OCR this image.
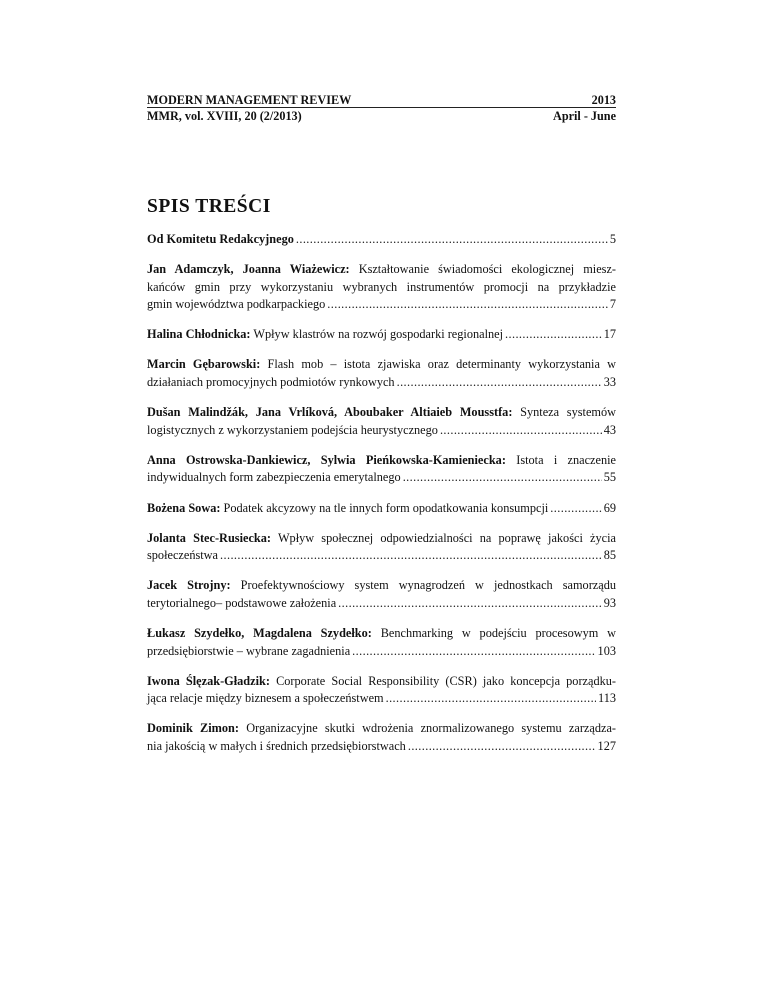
MODERN MANAGEMENT REVIEW	2013
MMR, vol. XVIII, 20 (2/2013)	April - June
SPIS TREŚCI
Od Komitetu Redakcyjnego .....	5
Jan Adamczyk, Joanna Wiażewicz: Kształtowanie świadomości ekologicznej miesz-
kańców gmin przy wykorzystaniu wybranych instrumentów promocji na przykładzie
gmin województwa podkarpackiego .....	7
Halina Chłodnicka: Wpływ klastrów na rozwój gospodarki regionalnej .....	17
Marcin Gębarowski: Flash mob – istota zjawiska oraz determinanty wykorzystania w
działaniach promocyjnych podmiotów rynkowych .....	33
Dušan Malindžák, Jana Vrlíková, Aboubaker Altiaieb Mousstfa: Synteza systemów
logistycznych z wykorzystaniem podejścia heurystycznego .....	43
Anna Ostrowska-Dankiewicz, Sylwia Pieńkowska-Kamieniecka: Istota i znaczenie
indywidualnych form zabezpieczenia emerytalnego .....	55
Bożena Sowa: Podatek akcyzowy na tle innych form opodatkowania konsumpcji .....	69
Jolanta Stec-Rusiecka: Wpływ społecznej odpowiedzialności na poprawę jakości życia
społeczeństwa .....	85
Jacek Strojny: Proefektywnościowy system wynagrodzeń w jednostkach samorządu
terytorialnego– podstawowe założenia .....	93
Łukasz Szydełko, Magdalena Szydełko: Benchmarking w podejściu procesowym w
przedsiębiorstwie – wybrane zagadnienia .....	103
Iwona Ślęzak-Gładzik: Corporate Social Responsibility (CSR) jako koncepcja porządku-
jąca relacje między biznesem a społeczeństwem .....	113
Dominik Zimon: Organizacyjne skutki wdrożenia znormalizowanego systemu zarządza-
nia jakością w małych i średnich przedsiębiorstwach .....	127
